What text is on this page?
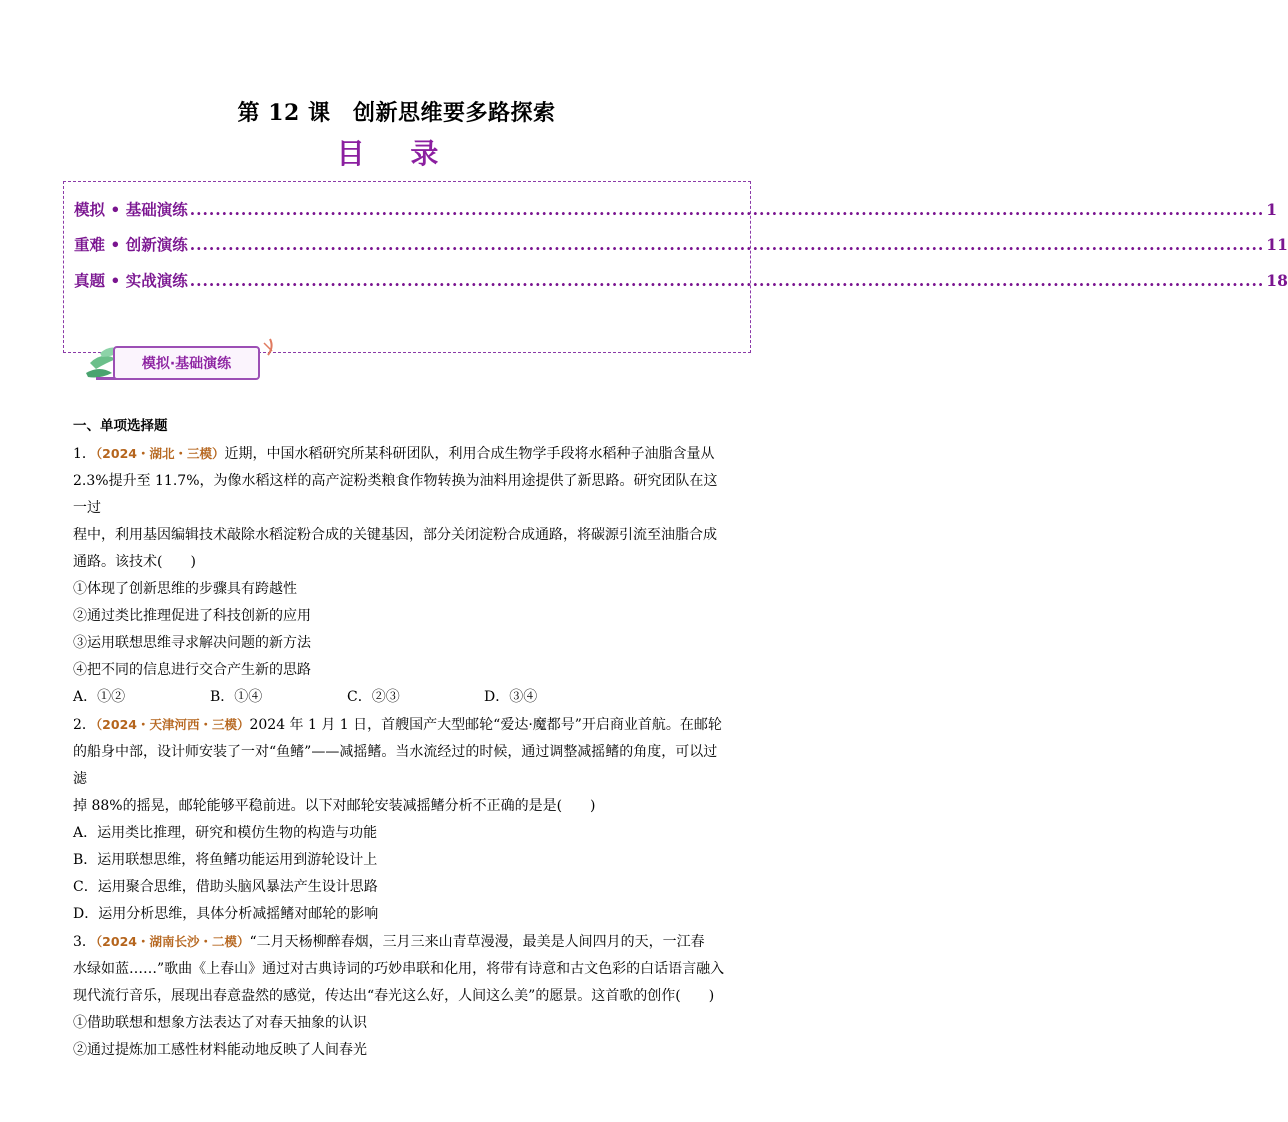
第 12 课　创新思维要多路探索
目 录
模拟 • 基础演练 ........................................................................................................................................................................ 1
重难 • 创新演练 ........................................................................................................................................................................ 11
真题 • 实战演练 ........................................................................................................................................................................ 18
模拟·基础演练

一、单项选择题

1．（2024・湖北・三模）近期，中国水稻研究所某科研团队，利用合成生物学手段将水稻种子油脂含量从

2.3%提升至 11.7%，为像水稻这样的高产淀粉类粮食作物转换为油料用途提供了新思路。研究团队在这一过

程中，利用基因编辑技术敲除水稻淀粉合成的关键基因，部分关闭淀粉合成通路，将碳源引流至油脂合成

通路。该技术(　　)

①体现了创新思维的步骤具有跨越性

②通过类比推理促进了科技创新的应用

③运用联想思维寻求解决问题的新方法

④把不同的信息进行交合产生新的思路

A．①②	B．①④	C．②③	D．③④

2．（2024・天津河西・三模）2024 年 1 月 1 日，首艘国产大型邮轮“爱达·魔都号”开启商业首航。在邮轮

的船身中部，设计师安装了一对“鱼鳍”——减摇鳍。当水流经过的时候，通过调整减摇鳍的角度，可以过滤

掉 88%的摇晃，邮轮能够平稳前进。以下对邮轮安装减摇鳍分析不正确的是是(　　)

A．运用类比推理，研究和模仿生物的构造与功能

B．运用联想思维，将鱼鳍功能运用到游轮设计上

C．运用聚合思维，借助头脑风暴法产生设计思路

D．运用分析思维，具体分析减摇鳍对邮轮的影响

3．（2024・湖南长沙・二模）“二月天杨柳醉春烟，三月三来山青草漫漫，最美是人间四月的天，一江春

水绿如蓝……”歌曲《上春山》通过对古典诗词的巧妙串联和化用，将带有诗意和古文色彩的白话语言融入

现代流行音乐，展现出春意盎然的感觉，传达出“春光这么好，人间这么美”的愿景。这首歌的创作(　　)

①借助联想和想象方法表达了对春天抽象的认识

②通过提炼加工感性材料能动地反映了人间春光
